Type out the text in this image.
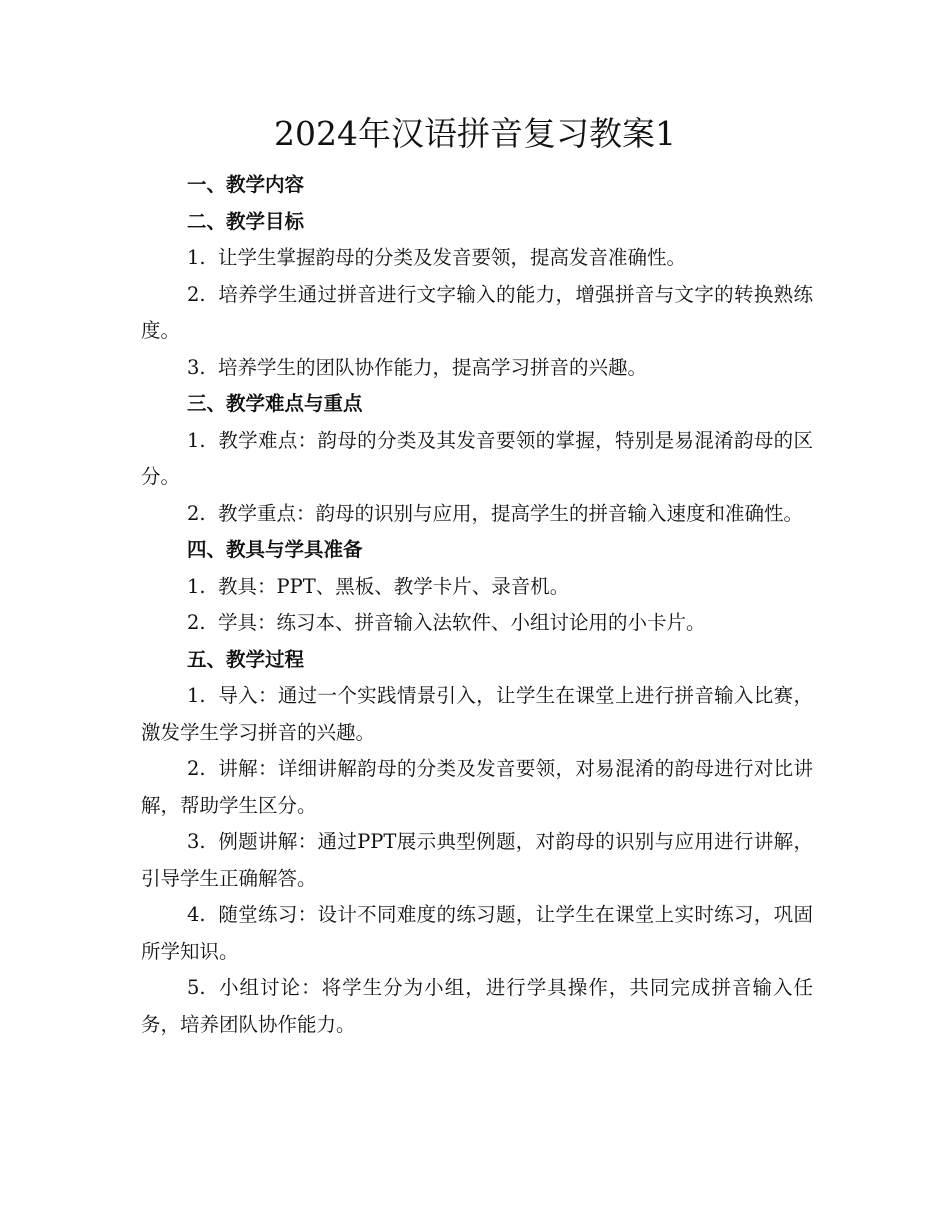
2024年汉语拼音复习教案1

一、教学内容

二、教学目标

1. 让学生掌握韵母的分类及发音要领，提高发音准确性。

2. 培养学生通过拼音进行文字输入的能力，增强拼音与文字的转换熟练度。

3. 培养学生的团队协作能力，提高学习拼音的兴趣。

三、教学难点与重点

1. 教学难点：韵母的分类及其发音要领的掌握，特别是易混淆韵母的区分。

2. 教学重点：韵母的识别与应用，提高学生的拼音输入速度和准确性。

四、教具与学具准备

1. 教具：PPT、黑板、教学卡片、录音机。

2. 学具：练习本、拼音输入法软件、小组讨论用的小卡片。

五、教学过程

1. 导入：通过一个实践情景引入，让学生在课堂上进行拼音输入比赛，激发学生学习拼音的兴趣。

2. 讲解：详细讲解韵母的分类及发音要领，对易混淆的韵母进行对比讲解，帮助学生区分。

3. 例题讲解：通过PPT展示典型例题，对韵母的识别与应用进行讲解，引导学生正确解答。

4. 随堂练习：设计不同难度的练习题，让学生在课堂上实时练习，巩固所学知识。

5. 小组讨论：将学生分为小组，进行学具操作，共同完成拼音输入任务，培养团队协作能力。
